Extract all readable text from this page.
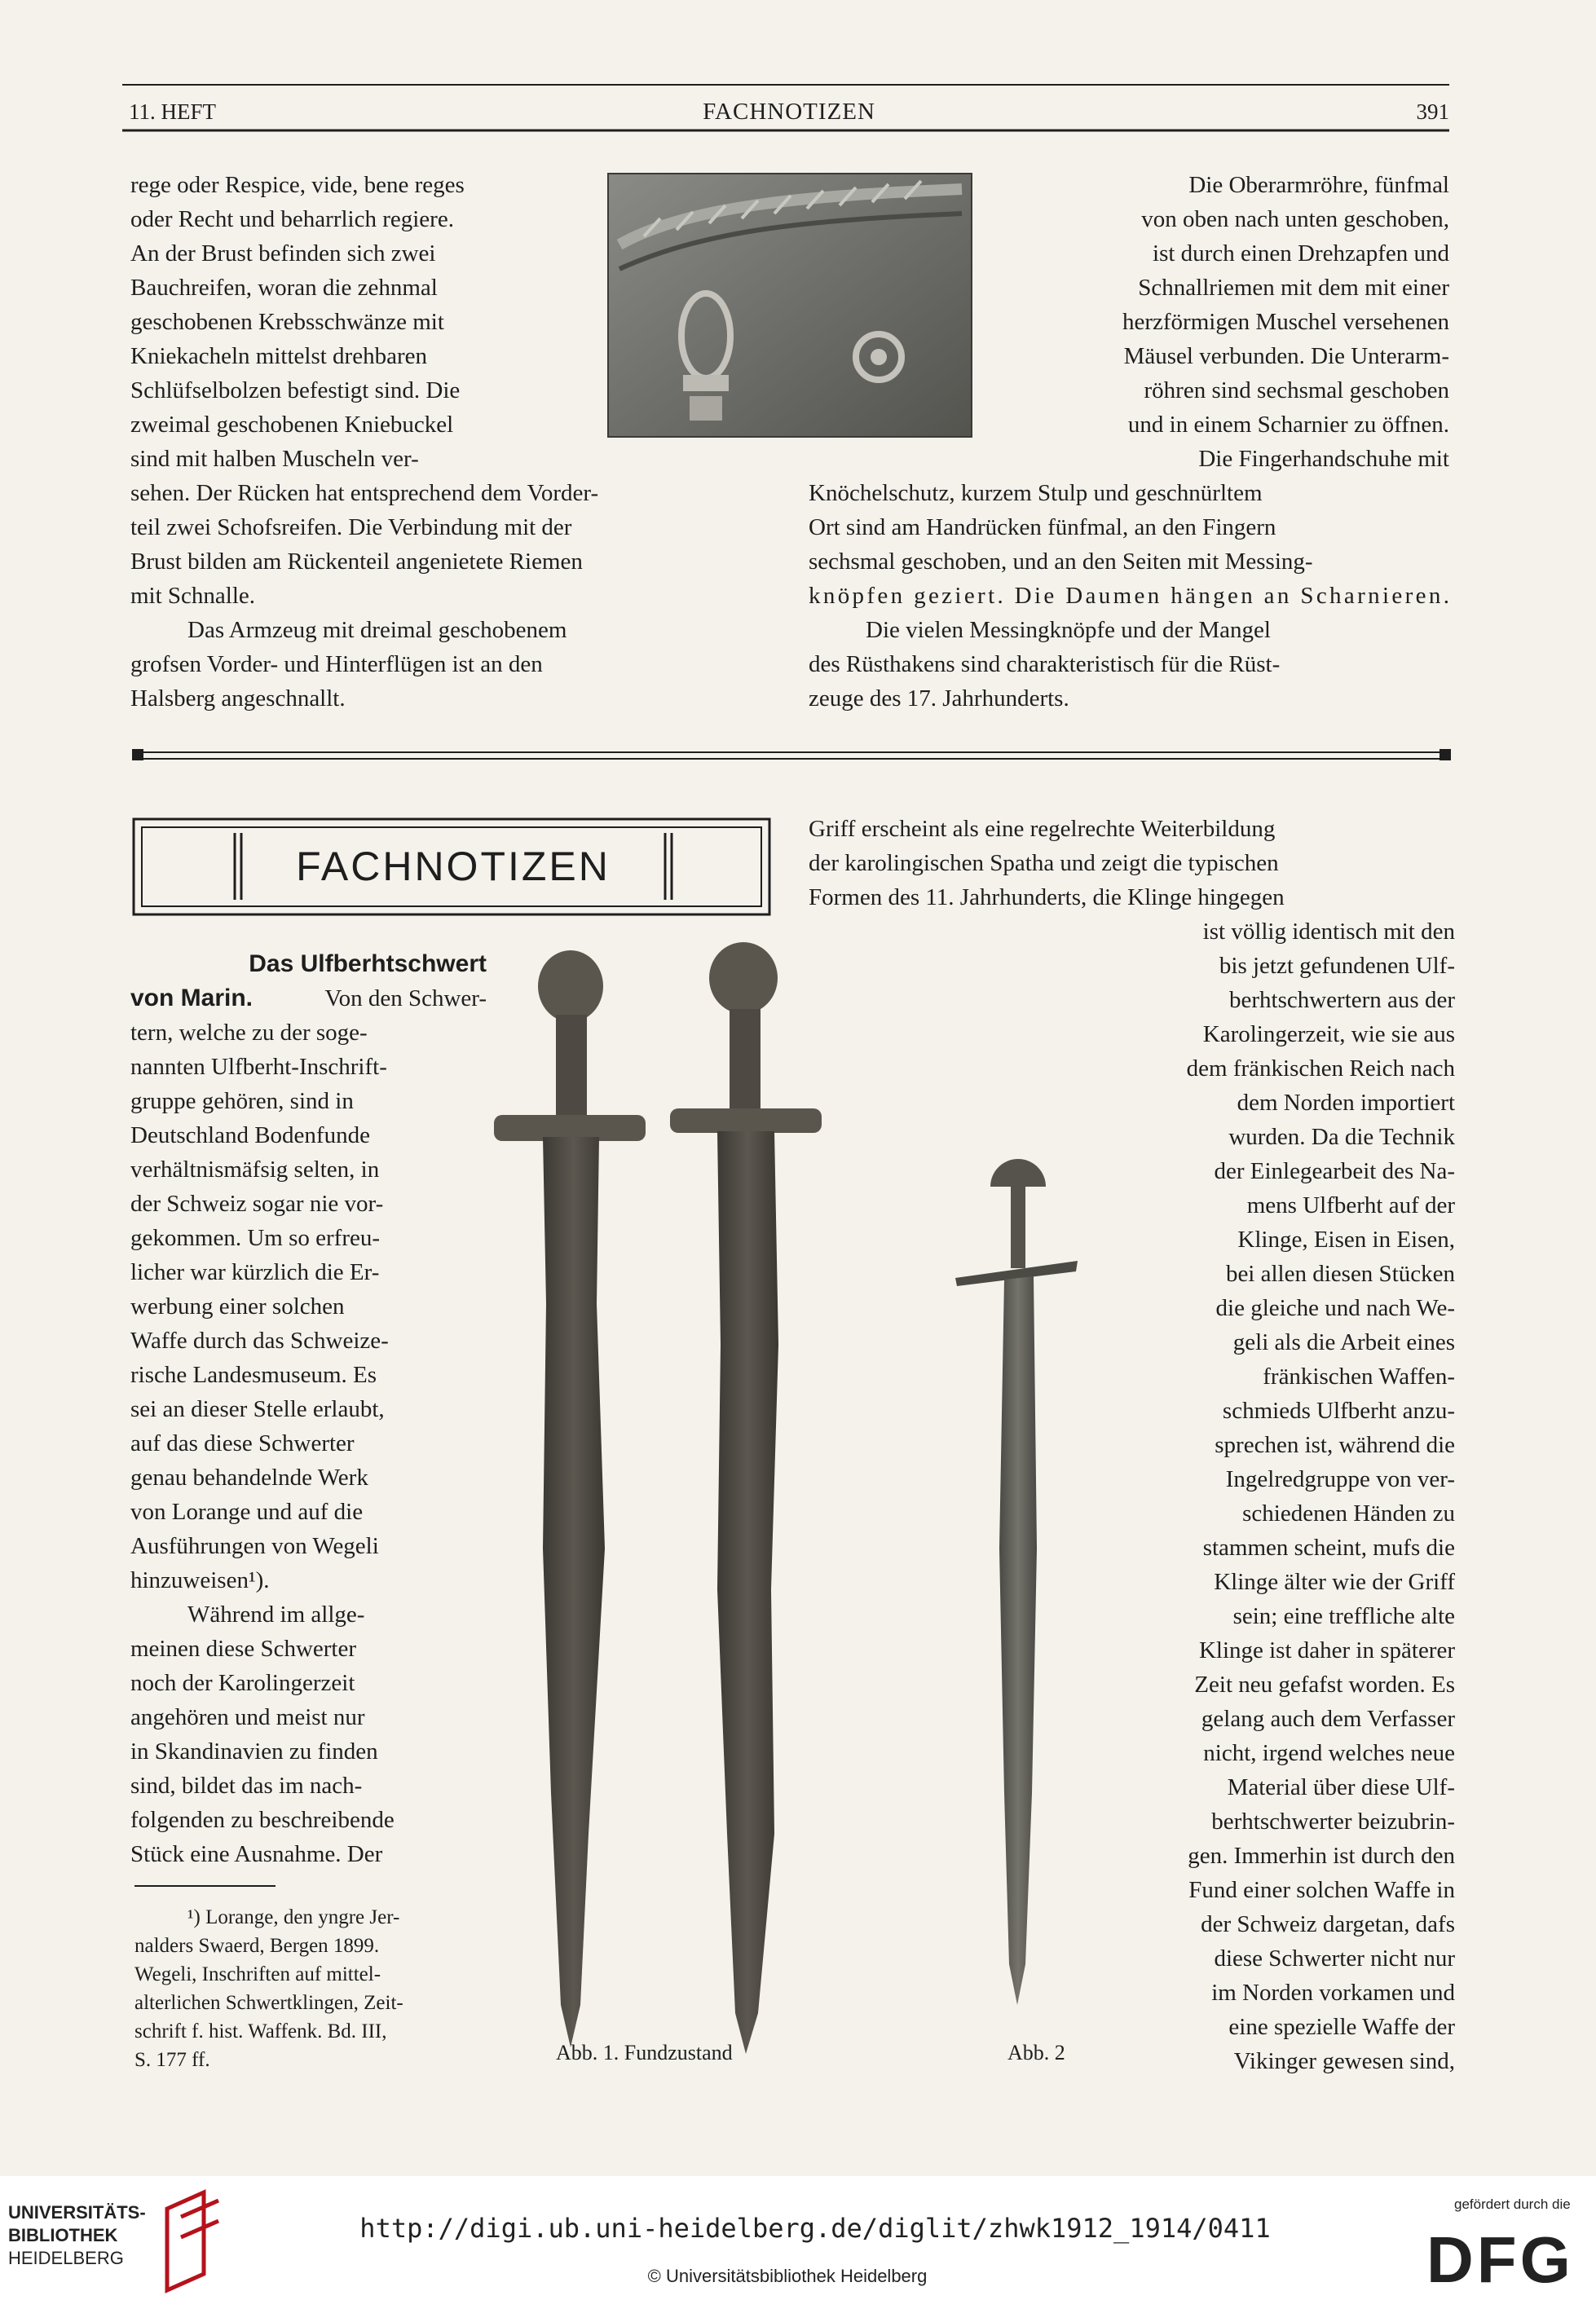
11. HEFT	FACHNOTIZEN	391
rege oder Respice, vide, bene reges
oder Recht und beharrlich regiere.
An der Brust befinden sich zwei
Bauchreifen, woran die zehnmal
geschobenen Krebsschwänze mit
Kniekacheln mittelst drehbaren
Schlüfselbolzen befestigt sind. Die
zweimal geschobenen Kniebuckel
sind mit halben Muscheln ver-
Die Oberarmröhre, fünfmal
von oben nach unten geschoben,
ist durch einen Drehzapfen und
Schnallriemen mit dem mit einer
herzförmigen Muschel versehenen
Mäusel verbunden. Die Unterarm-
röhren sind sechsmal geschoben
und in einem Scharnier zu öffnen.
Die Fingerhandschuhe mit
sehen. Der Rücken hat entsprechend dem Vorder-
teil zwei Schofsreifen. Die Verbindung mit der
Brust bilden am Rückenteil angenietete Riemen
mit Schnalle.
Das Armzeug mit dreimal geschobenem
grofsen Vorder- und Hinterflügen ist an den
Halsberg angeschnallt.
Knöchelschutz, kurzem Stulp und geschnürltem
Ort sind am Handrücken fünfmal, an den Fingern
sechsmal geschoben, und an den Seiten mit Messing-
knöpfen geziert. Die Daumen hängen an Scharnieren.
Die vielen Messingknöpfe und der Mangel
des Rüsthakens sind charakteristisch für die Rüst-
zeuge des 17. Jahrhunderts.
FACHNOTIZEN
Das Ulfberhtschwert
von Marin.	Von den Schwer-
tern, welche zu der soge-
nannten Ulfberht-Inschrift-
gruppe gehören, sind in
Deutschland Bodenfunde
verhältnismäfsig selten, in
der Schweiz sogar nie vor-
gekommen. Um so erfreu-
licher war kürzlich die Er-
werbung einer solchen
Waffe durch das Schweize-
rische Landesmuseum. Es
sei an dieser Stelle erlaubt,
auf das diese Schwerter
genau behandelnde Werk
von Lorange und auf die
Ausführungen von Wegeli
hinzuweisen¹).
Während im allge-
meinen diese Schwerter
noch der Karolingerzeit
angehören und meist nur
in Skandinavien zu finden
sind, bildet das im nach-
folgenden zu beschreibende
Stück eine Ausnahme. Der
¹) Lorange, den yngre Jer-
nalders Swaerd, Bergen 1899.
Wegeli, Inschriften auf mittel-
alterlichen Schwertklingen, Zeit-
schrift f. hist. Waffenk. Bd. III,
S. 177 ff.	Abb. 1. Fundzustand	Abb. 2
Griff erscheint als eine regelrechte Weiterbildung
der karolingischen Spatha und zeigt die typischen
Formen des 11. Jahrhunderts, die Klinge hingegen
ist völlig identisch mit den
bis jetzt gefundenen Ulf-
berhtschwertern aus der
Karolingerzeit, wie sie aus
dem fränkischen Reich nach
dem Norden importiert
wurden. Da die Technik
der Einlegearbeit des Na-
mens Ulfberht auf der
Klinge, Eisen in Eisen,
bei allen diesen Stücken
die gleiche und nach We-
geli als die Arbeit eines
fränkischen Waffen-
schmieds Ulfberht anzu-
sprechen ist, während die
Ingelredgruppe von ver-
schiedenen Händen zu
stammen scheint, mufs die
Klinge älter wie der Griff
sein; eine treffliche alte
Klinge ist daher in späterer
Zeit neu gefafst worden. Es
gelang auch dem Verfasser
nicht, irgend welches neue
Material über diese Ulf-
berhtschwerter beizubrin-
gen. Immerhin ist durch den
Fund einer solchen Waffe in
der Schweiz dargetan, dafs
diese Schwerter nicht nur
im Norden vorkamen und
eine spezielle Waffe der
Vikinger gewesen sind,
UNIVERSITÄTS-
BIBLIOTHEK
HEIDELBERG
http://digi.ub.uni-heidelberg.de/diglit/zhwk1912_1914/0411
© Universitätsbibliothek Heidelberg
gefördert durch die
DFG
